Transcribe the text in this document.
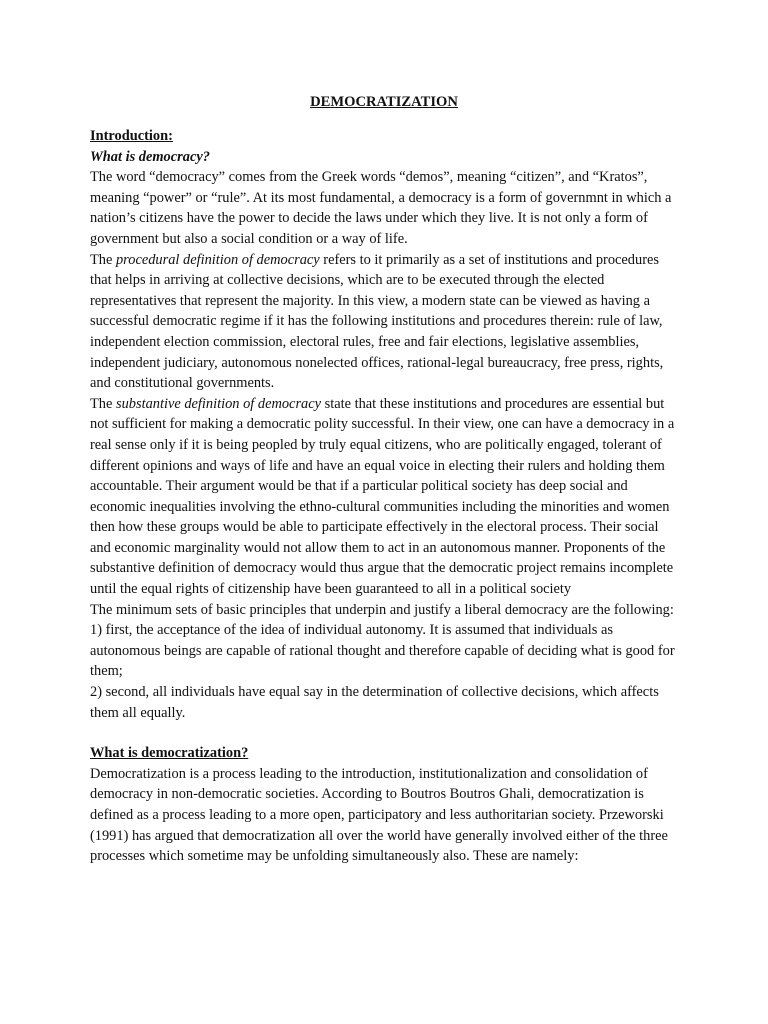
DEMOCRATIZATION

Introduction:

What is democracy?

The word “democracy” comes from the Greek words “demos”, meaning “citizen”, and “Kratos”, meaning “power” or “rule”. At its most fundamental, a democracy is a form of governmnt in which a nation’s citizens have the power to decide the laws under which they live. It is not only a form of government but also a social condition or a way of life.

The procedural definition of democracy refers to it primarily as a set of institutions and procedures that helps in arriving at collective decisions, which are to be executed through the elected representatives that represent the majority. In this view, a modern state can be viewed as having a successful democratic regime if it has the following institutions and procedures therein: rule of law, independent election commission, electoral rules, free and fair elections, legislative assemblies, independent judiciary, autonomous nonelected offices, rational-legal bureaucracy, free press, rights, and constitutional governments.

The substantive definition of democracy state that these institutions and procedures are essential but not sufficient for making a democratic polity successful. In their view, one can have a democracy in a real sense only if it is being peopled by truly equal citizens, who are politically engaged, tolerant of different opinions and ways of life and have an equal voice in electing their rulers and holding them accountable. Their argument would be that if a particular political society has deep social and economic inequalities involving the ethno-cultural communities including the minorities and women then how these groups would be able to participate effectively in the electoral process. Their social and economic marginality would not allow them to act in an autonomous manner. Proponents of the substantive definition of democracy would thus argue that the democratic project remains incomplete until the equal rights of citizenship have been guaranteed to all in a political society

The minimum sets of basic principles that underpin and justify a liberal democracy are the following:

1) first, the acceptance of the idea of individual autonomy. It is assumed that individuals as autonomous beings are capable of rational thought and therefore capable of deciding what is good for them;

2) second, all individuals have equal say in the determination of collective decisions, which affects them all equally.

What is democratization?

Democratization is a process leading to the introduction, institutionalization and consolidation of democracy in non-democratic societies. According to Boutros Boutros Ghali, democratization is defined as a process leading to a more open, participatory and less authoritarian society. Przeworski (1991) has argued that democratization all over the world have generally involved either of the three processes which sometime may be unfolding simultaneously also. These are namely:
